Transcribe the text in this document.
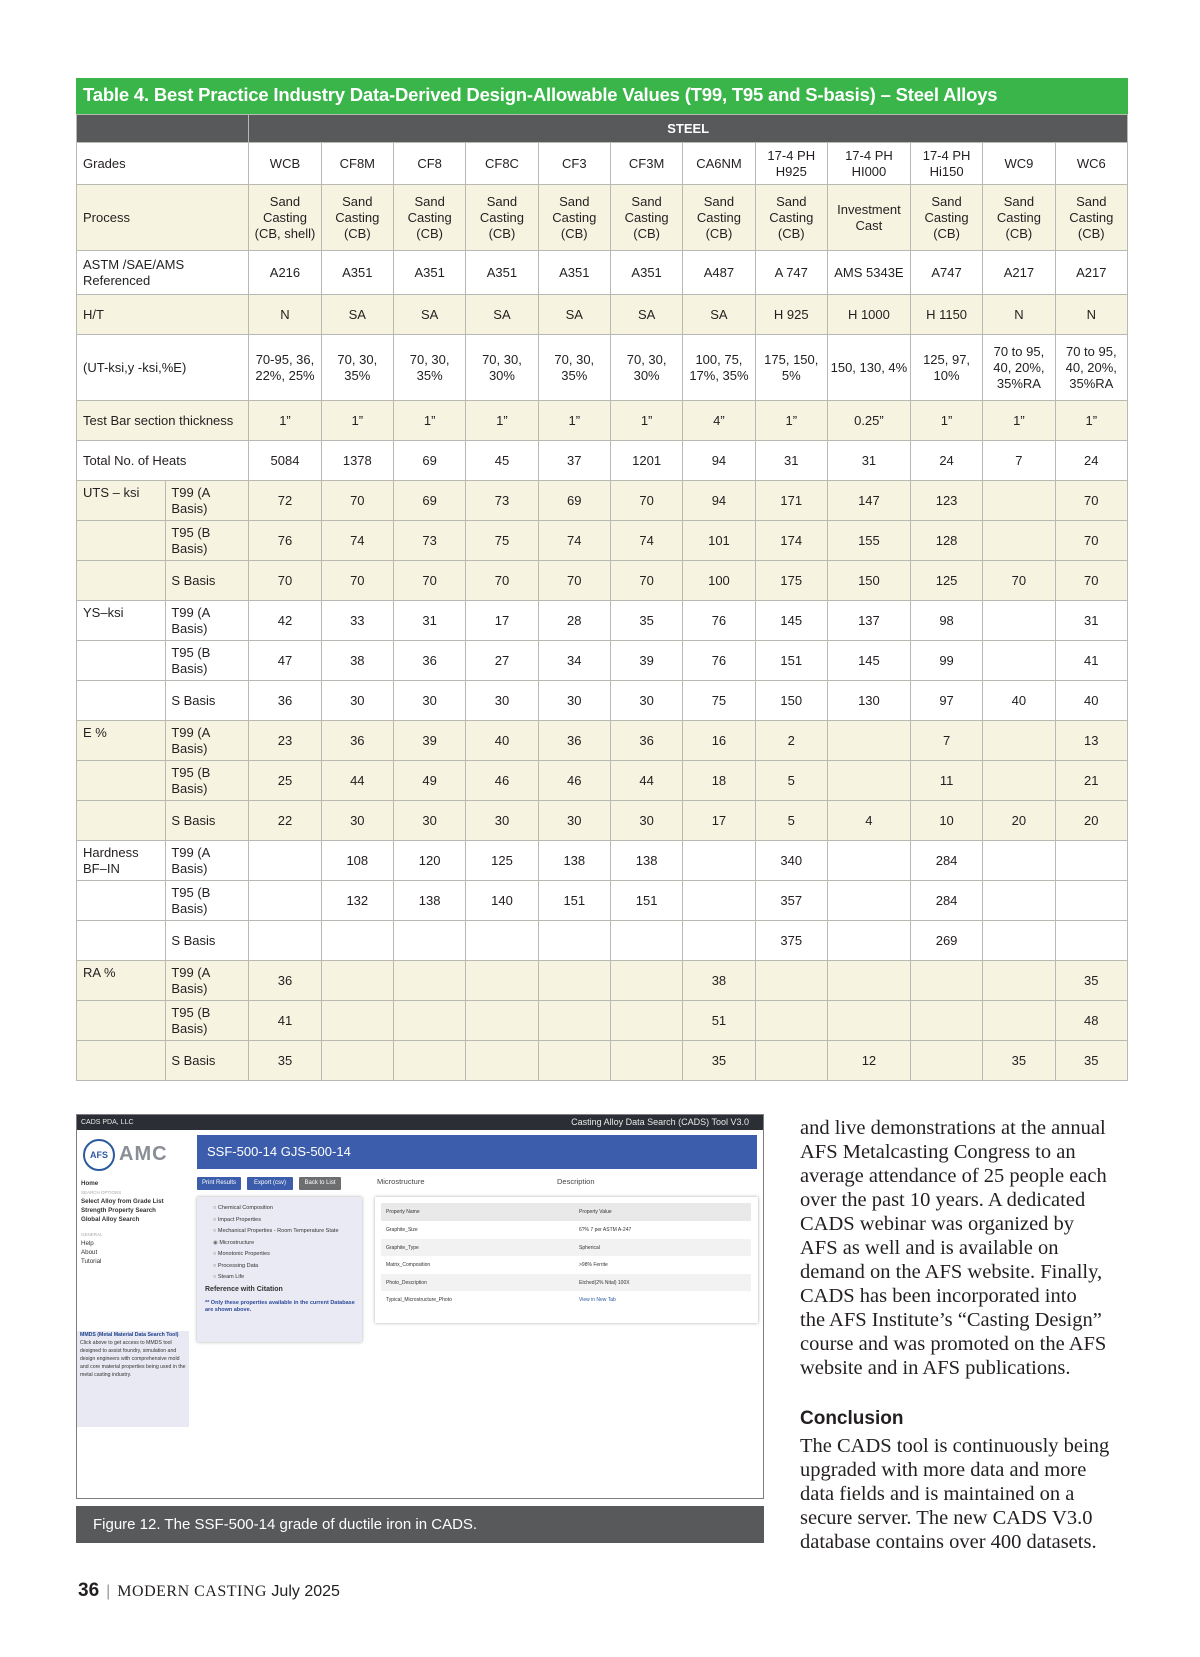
Table 4. Best Practice Industry Data-Derived Design-Allowable Values (T99, T95 and S-basis) – Steel Alloys
		STEEL											
Grades		WCB	CF8M	CF8	CF8C	CF3	CF3M	CA6NM	17-4 PH H925	17-4 PH HI000	17-4 PH Hi150	WC9	WC6
Process		Sand Casting (CB, shell)	Sand Casting (CB)	Sand Casting (CB)	Sand Casting (CB)	Sand Casting (CB)	Sand Casting (CB)	Sand Casting (CB)	Sand Casting (CB)	Investment Cast	Sand Casting (CB)	Sand Casting (CB)	Sand Casting (CB)
ASTM /SAE/AMS Referenced		A216	A351	A351	A351	A351	A351	A487	A 747	AMS 5343E	A747	A217	A217
H/T		N	SA	SA	SA	SA	SA	SA	H 925	H 1000	H 1150	N	N
(UT-ksi,y -ksi,%E)		70-95, 36, 22%, 25%	70, 30, 35%	70, 30, 35%	70, 30, 30%	70, 30, 35%	70, 30, 30%	100, 75, 17%, 35%	175, 150, 5%	150, 130, 4%	125, 97, 10%	70 to 95, 40, 20%, 35%RA	70 to 95, 40, 20%, 35%RA
Test Bar section thickness		1”	1”	1”	1”	1”	1”	4”	1”	0.25”	1”	1”	1”
Total No. of Heats		5084	1378	69	45	37	1201	94	31	31	24	7	24
UTS – ksi	T99 (A Basis)	72	70	69	73	69	70	94	171	147	123		70
	T95 (B Basis)	76	74	73	75	74	74	101	174	155	128		70
	S Basis	70	70	70	70	70	70	100	175	150	125	70	70
YS–ksi	T99 (A Basis)	42	33	31	17	28	35	76	145	137	98		31
	T95 (B Basis)	47	38	36	27	34	39	76	151	145	99		41
	S Basis	36	30	30	30	30	30	75	150	130	97	40	40
E %	T99 (A Basis)	23	36	39	40	36	36	16	2		7		13
	T95 (B Basis)	25	44	49	46	46	44	18	5		11		21
	S Basis	22	30	30	30	30	30	17	5	4	10	20	20
Hardness BF–IN	T99 (A Basis)		108	120	125	138	138		340		284		
	T95 (B Basis)		132	138	140	151	151		357		284		
	S Basis								375		269		
RA %	T99 (A Basis)	36						38					35
	T95 (B Basis)	41						51					48
	S Basis	35						35		12		35	35
CADS PDA, LLC	Casting Alloy Data Search (CADS) Tool V3.0
AFS AMC
Home
SEARCH OPTIONS
Select Alloy from Grade List
Strength Property Search
Global Alloy Search
GENERAL
Help
About
Tutorial
MMDS (Metal Material Data Search Tool)
Click above to get access to MMDS tool designed to assist foundry, simulation and design engineers with comprehensive mold and core material properties being used in the metal casting industry.
SSF-500-14 GJS-500-14
Print Results	Export (csv)	Back to List	Microstructure	Description
○ Chemical Composition
○ Impact Properties
○ Mechanical Properties - Room Temperature State
◉ Microstructure
○ Monotonic Properties
○ Processing Data
○ Steam Life
Reference with Citation
** Only these properties available in the current Database are shown above.
Property Name	Property Value
Graphite_Size	6?% 7 per ASTM A-247
Graphite_Type	Spherical
Matrix_Composition	>98% Ferrite
Photo_Description	Etched(2% Nital) 100X
Typical_Microstructure_Photo	View in New Tab
Figure 12. The SSF-500-14 grade of ductile iron in CADS.

and live demonstrations at the annual

AFS Metalcasting Congress to an

average attendance of 25 people each

over the past 10 years. A dedicated

CADS webinar was organized by

AFS as well and is available on

demand on the AFS website. Finally,

CADS has been incorporated into

the AFS Institute’s “Casting Design”

course and was promoted on the AFS

website and in AFS publications.

Conclusion

The CADS tool is continuously being

upgraded with more data and more

data fields and is maintained on a

secure server. The new CADS V3.0

database contains over 400 datasets.

36 | MODERN CASTING July 2025
